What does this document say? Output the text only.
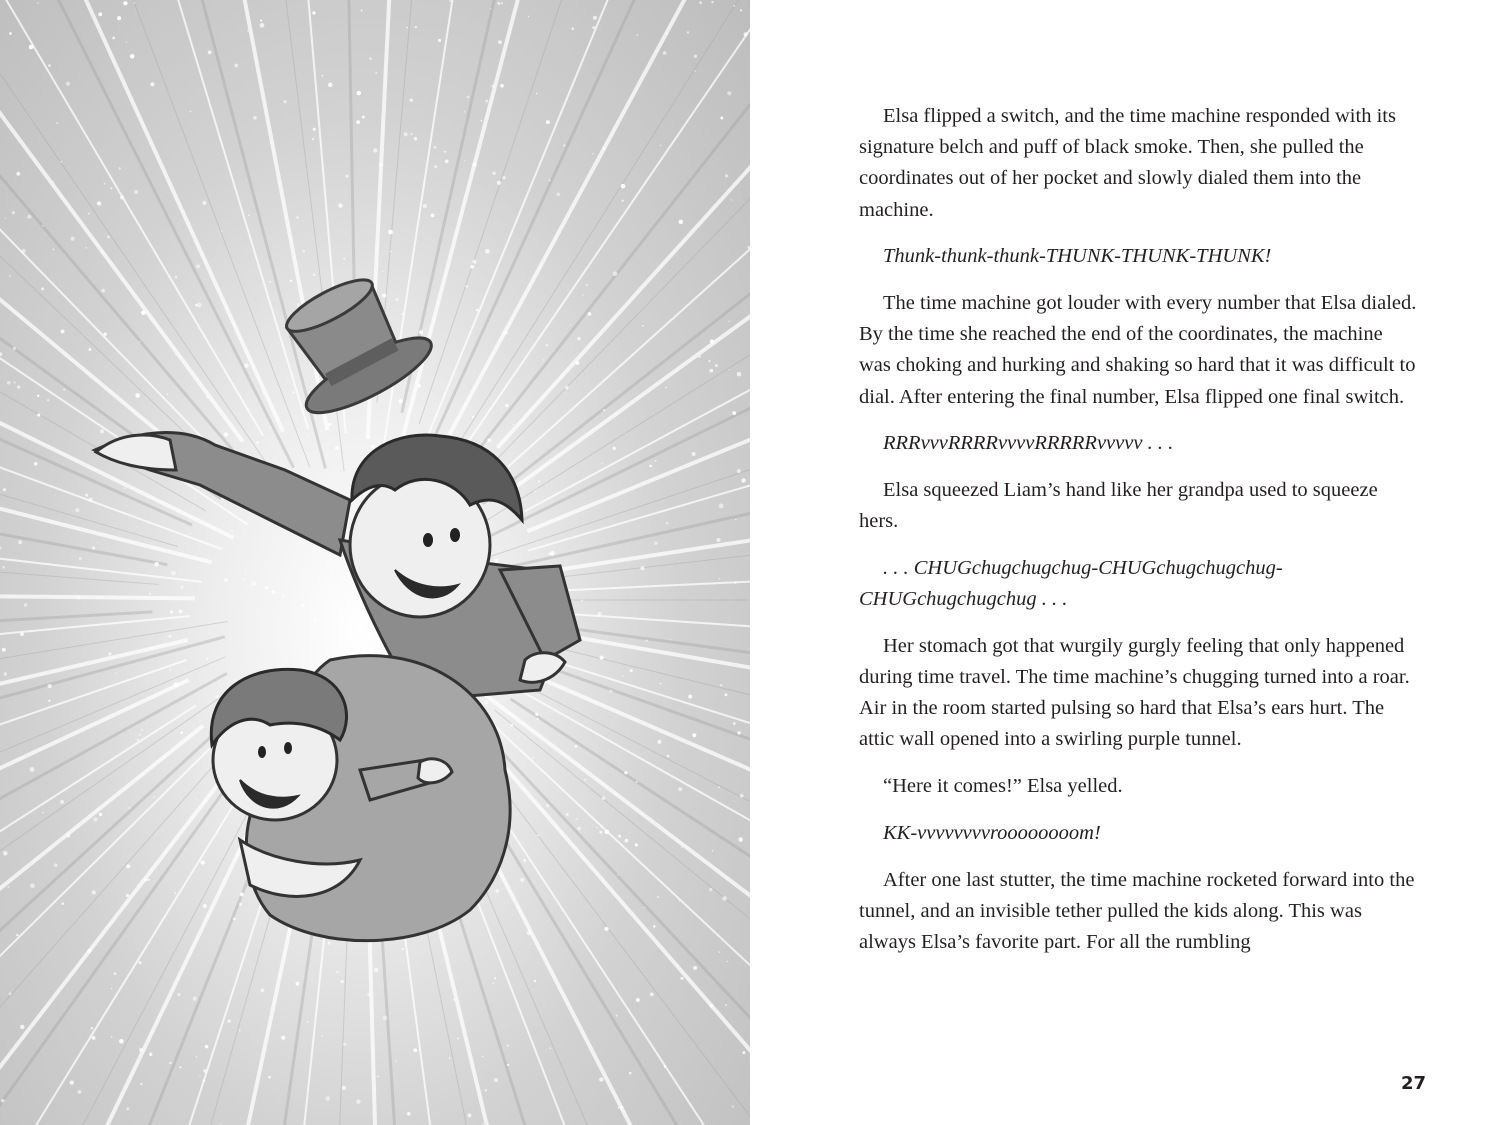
Elsa flipped a switch, and the time machine responded with its signature belch and puff of black smoke. Then, she pulled the coordinates out of her pocket and slowly dialed them into the machine.

Thunk-thunk-thunk-THUNK-THUNK-THUNK!

The time machine got louder with every number that Elsa dialed. By the time she reached the end of the coordinates, the machine was choking and hurking and shaking so hard that it was difficult to dial. After entering the final number, Elsa flipped one final switch.

RRRvvvRRRRvvvvRRRRRvvvvv . . .

Elsa squeezed Liam’s hand like her grandpa used to squeeze hers.

. . . CHUGchugchugchug-CHUGchugchugchug-CHUGchugchugchug . . .

Her stomach got that wurgily gurgly feeling that only happened during time travel. The time machine’s chugging turned into a roar. Air in the room started pulsing so hard that Elsa’s ears hurt. The attic wall opened into a swirling purple tunnel.

“Here it comes!” Elsa yelled.

KK-vvvvvvvvroooooooom!

After one last stutter, the time machine rocketed forward into the tunnel, and an invisible tether pulled the kids along. This was always Elsa’s favorite part. For all the rumbling

27
